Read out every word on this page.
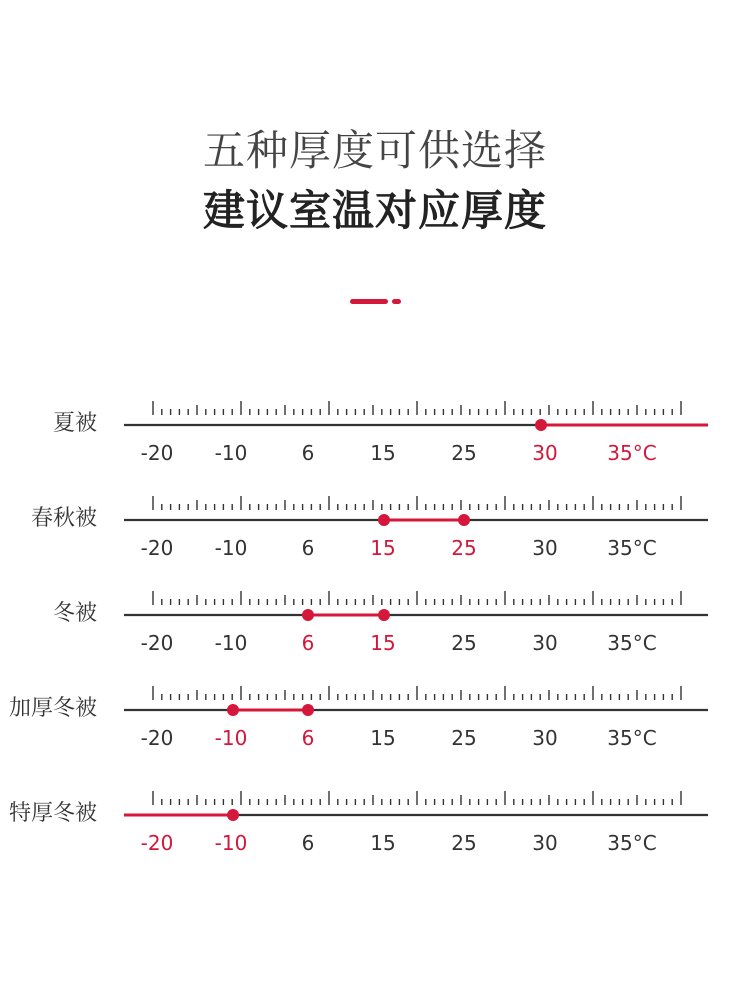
五种厚度可供选择
建议室温对应厚度
夏被
-20 -10	6	15	25	30 35°C
春秋被
-20 -10	6	15	25	30 35°C
冬被
-20 -10	6	15	25	30 35°C
加厚冬被
-20 -10	6	15	25	30 35°C
特厚冬被
-20 -10	6	15	25	30 35°C
